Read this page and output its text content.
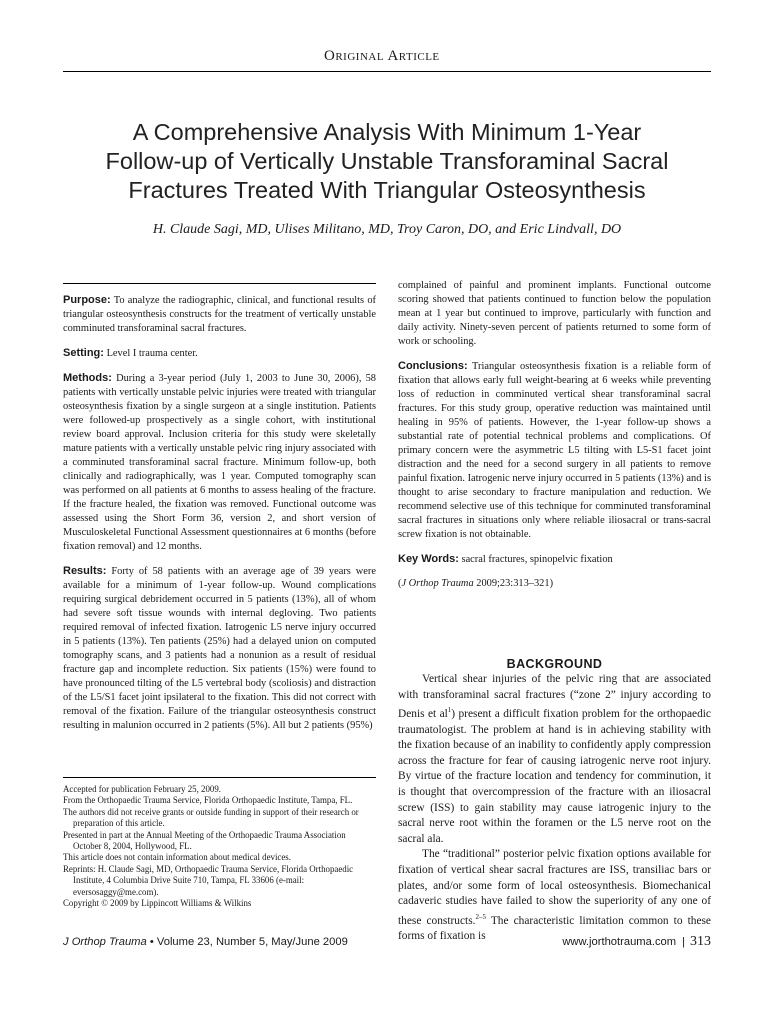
Original Article
A Comprehensive Analysis With Minimum 1-Year
Follow-up of Vertically Unstable Transforaminal Sacral
Fractures Treated With Triangular Osteosynthesis
H. Claude Sagi, MD, Ulises Militano, MD, Troy Caron, DO, and Eric Lindvall, DO

Purpose: To analyze the radiographic, clinical, and functional results of triangular osteosynthesis constructs for the treatment of vertically unstable comminuted transforaminal sacral fractures.

Setting: Level I trauma center.

Methods: During a 3-year period (July 1, 2003 to June 30, 2006), 58 patients with vertically unstable pelvic injuries were treated with triangular osteosynthesis fixation by a single surgeon at a single institution. Patients were followed-up prospectively as a single cohort, with institutional review board approval. Inclusion criteria for this study were skeletally mature patients with a vertically unstable pelvic ring injury associated with a comminuted transforaminal sacral fracture. Minimum follow-up, both clinically and radiographically, was 1 year. Computed tomography scan was performed on all patients at 6 months to assess healing of the fracture. If the fracture healed, the fixation was removed. Functional outcome was assessed using the Short Form 36, version 2, and short version of Musculoskeletal Functional Assessment questionnaires at 6 months (before fixation removal) and 12 months.

Results: Forty of 58 patients with an average age of 39 years were available for a minimum of 1-year follow-up. Wound complications requiring surgical debridement occurred in 5 patients (13%), all of whom had severe soft tissue wounds with internal degloving. Two patients required removal of infected fixation. Iatrogenic L5 nerve injury occurred in 5 patients (13%). Ten patients (25%) had a delayed union on computed tomography scans, and 3 patients had a nonunion as a result of residual fracture gap and incomplete reduction. Six patients (15%) were found to have pronounced tilting of the L5 vertebral body (scoliosis) and distraction of the L5/S1 facet joint ipsilateral to the fixation. This did not correct with removal of the fixation. Failure of the triangular osteosynthesis construct resulting in malunion occurred in 2 patients (5%). All but 2 patients (95%)

Accepted for publication February 25, 2009.
From the Orthopaedic Trauma Service, Florida Orthopaedic Institute, Tampa, FL.
The authors did not receive grants or outside funding in support of their research or preparation of this article.
Presented in part at the Annual Meeting of the Orthopaedic Trauma Association October 8, 2004, Hollywood, FL.
This article does not contain information about medical devices.
Reprints: H. Claude Sagi, MD, Orthopaedic Trauma Service, Florida Orthopaedic Institute, 4 Columbia Drive Suite 710, Tampa, FL 33606 (e-mail: eversosaggy@me.com).
Copyright © 2009 by Lippincott Williams & Wilkins

complained of painful and prominent implants. Functional outcome scoring showed that patients continued to function below the population mean at 1 year but continued to improve, particularly with function and daily activity. Ninety-seven percent of patients returned to some form of work or schooling.

Conclusions: Triangular osteosynthesis fixation is a reliable form of fixation that allows early full weight-bearing at 6 weeks while preventing loss of reduction in comminuted vertical shear transforaminal sacral fractures. For this study group, operative reduction was maintained until healing in 95% of patients. However, the 1-year follow-up shows a substantial rate of potential technical problems and complications. Of primary concern were the asymmetric L5 tilting with L5-S1 facet joint distraction and the need for a second surgery in all patients to remove painful fixation. Iatrogenic nerve injury occurred in 5 patients (13%) and is thought to arise secondary to fracture manipulation and reduction. We recommend selective use of this technique for comminuted transforaminal sacral fractures in situations only where reliable iliosacral or trans-sacral screw fixation is not obtainable.

Key Words: sacral fractures, spinopelvic fixation

(J Orthop Trauma 2009;23:313–321)

BACKGROUND

Vertical shear injuries of the pelvic ring that are associated with transforaminal sacral fractures (“zone 2” injury according to Denis et $al^1$) present a difficult fixation problem for the orthopaedic traumatologist. The problem at hand is in achieving stability with the fixation because of an inability to confidently apply compression across the fracture for fear of causing iatrogenic nerve root injury. By virtue of the fracture location and tendency for comminution, it is thought that overcompression of the fracture with an iliosacral screw (ISS) to gain stability may cause iatrogenic injury to the sacral nerve root within the foramen or the L5 nerve root on the sacral ala.

The “traditional” posterior pelvic fixation options available for fixation of vertical shear sacral fractures are ISS, transiliac bars or plates, and/or some form of local osteosynthesis. Biomechanical cadaveric studies have failed to show the superiority of any one of these constructs.$^{2-5}$ The characteristic limitation common to these forms of fixation is

J Orthop Trauma • Volume 23, Number 5, May/June 2009	www.jorthotrauma.com | 313
